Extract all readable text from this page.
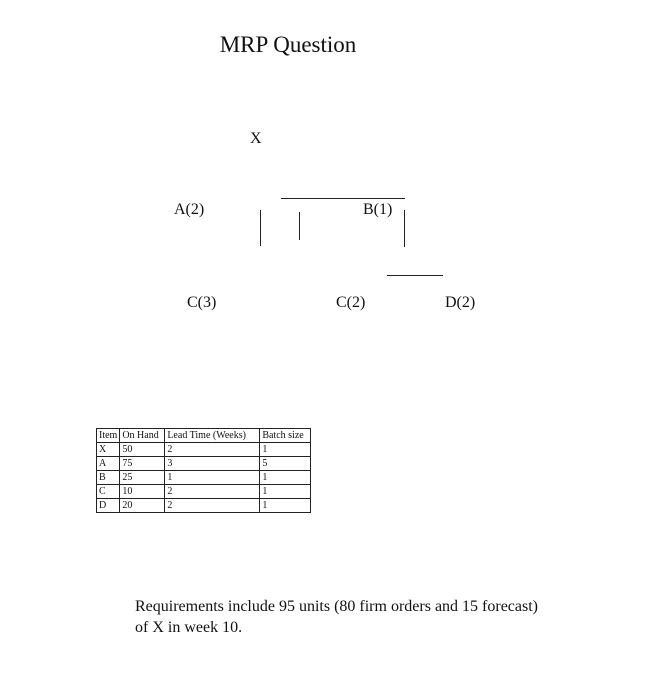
MRP Question
X
A(2)	B(1)
C(3)	C(2)	D(2)
Item	On Hand	Lead Time (Weeks)	Batch size
X	50	2	1
A	75	3	5
B	25	1	1
C	10	2	1
D	20	2	1
Requirements include 95 units (80 firm orders and 15 forecast) of X in week 10.
